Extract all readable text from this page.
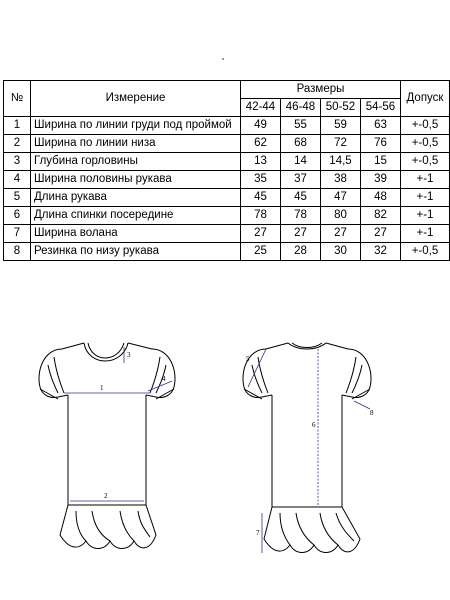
№	Измерение	Размеры				Допуск
		42-44	46-48	50-52	54-56	
1	Ширина по линии груди под проймой	49	55	59	63	+-0,5
2	Ширина по линии низа	62	68	72	76	+-0,5
3	Глубина горловины	13	14	14,5	15	+-0,5
4	Ширина половины рукава	35	37	38	39	+-1
5	Длина рукава	45	45	47	48	+-1
6	Длина спинки посередине	78	78	80	82	+-1
7	Ширина волана	27	27	27	27	+-1
8	Резинка по низу рукава	25	28	30	32	+-0,5
1
2
3
4
5
6
7
8
